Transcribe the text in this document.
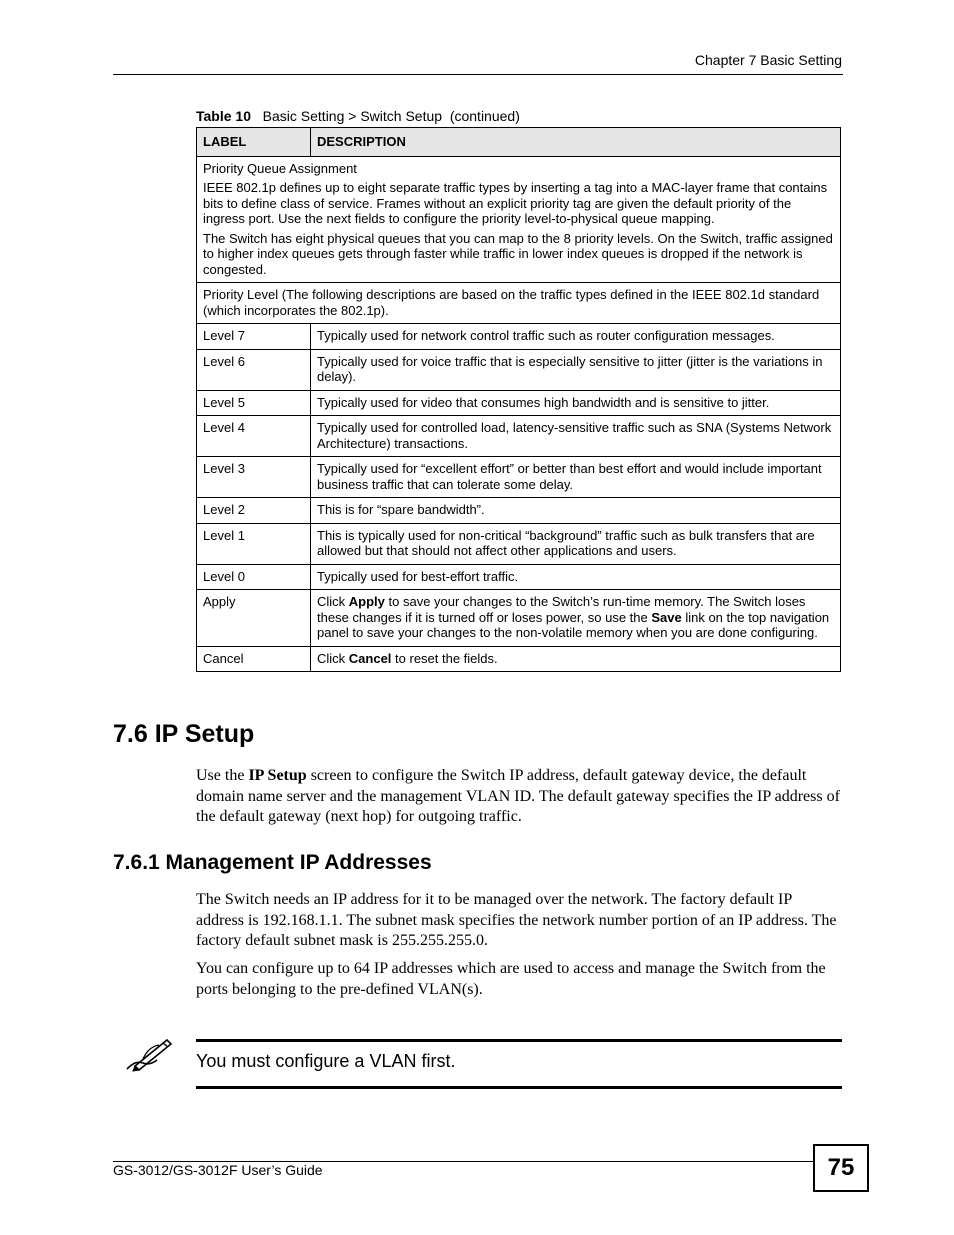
Chapter 7 Basic Setting
Table 10 Basic Setting > Switch Setup  (continued)
LABEL	DESCRIPTION

Priority Queue Assignment

IEEE 802.1p defines up to eight separate traffic types by inserting a tag into a MAC-layer frame that contains bits to define class of service. Frames without an explicit priority tag are given the default priority of the ingress port. Use the next fields to configure the priority level-to-physical queue mapping.

The Switch has eight physical queues that you can map to the 8 priority levels. On the Switch, traffic assigned to higher index queues gets through faster while traffic in lower index queues is dropped if the network is congested.	

Priority Level (The following descriptions are based on the traffic types defined in the IEEE 802.1d standard (which incorporates the 802.1p).	
Level 7	Typically used for network control traffic such as router configuration messages.
Level 6	Typically used for voice traffic that is especially sensitive to jitter (jitter is the variations in delay).
Level 5	Typically used for video that consumes high bandwidth and is sensitive to jitter.
Level 4	Typically used for controlled load, latency-sensitive traffic such as SNA (Systems Network Architecture) transactions.
Level 3	Typically used for “excellent effort” or better than best effort and would include important business traffic that can tolerate some delay.
Level 2	This is for “spare bandwidth”.
Level 1	This is typically used for non-critical “background” traffic such as bulk transfers that are allowed but that should not affect other applications and users.
Level 0	Typically used for best-effort traffic.
Apply	Click Apply to save your changes to the Switch’s run-time memory. The Switch loses these changes if it is turned off or loses power, so use the Save link on the top navigation panel to save your changes to the non-volatile memory when you are done configuring.
Cancel	Click Cancel to reset the fields.
7.6 IP Setup

Use the IP Setup screen to configure the Switch IP address, default gateway device, the default domain name server and the management VLAN ID. The default gateway specifies the IP address of the default gateway (next hop) for outgoing traffic.

7.6.1 Management IP Addresses

The Switch needs an IP address for it to be managed over the network. The factory default IP address is 192.168.1.1. The subnet mask specifies the network number portion of an IP address. The factory default subnet mask is 255.255.255.0.

You can configure up to 64 IP addresses which are used to access and manage the Switch from the ports belonging to the pre-defined VLAN(s).

You must configure a VLAN first.
GS-3012/GS-3012F User’s Guide	75
